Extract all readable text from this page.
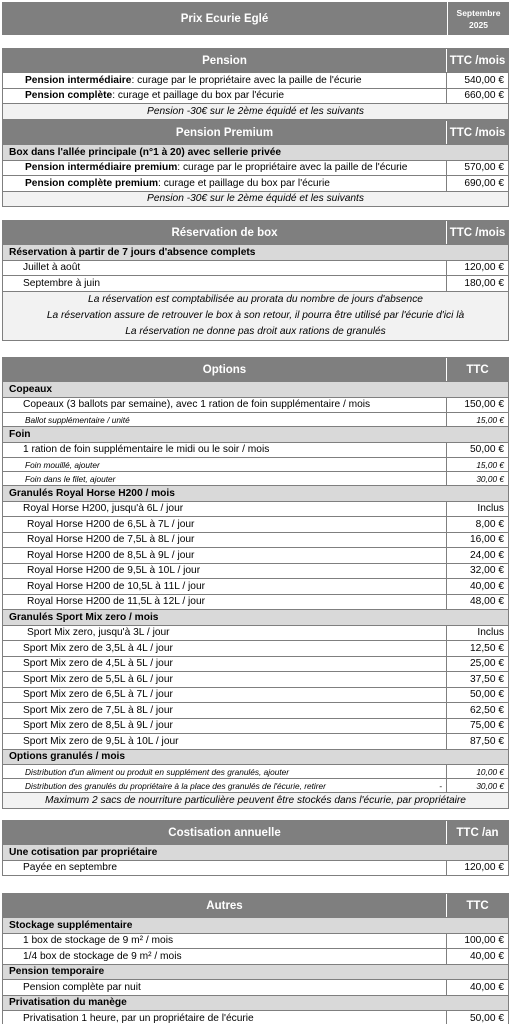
Prix Ecurie Eglé	Septembre
2025
Pension	TTC /mois
Pension intermédiaire : curage par le propriétaire avec la paille de l'écurie	540,00 €
Pension complète : curage et paillage du box par l'écurie	660,00 €
Pension -30€ sur le 2ème équidé et les suivants
Pension Premium	TTC /mois
Box dans l'allée principale (n°1 à 20) avec sellerie privée
Pension intermédiaire premium : curage par le propriétaire avec la paille de l'écurie	570,00 €
Pension complète premium : curage et paillage du box par l'écurie	690,00 €
Pension -30€ sur le 2ème équidé et les suivants
Réservation de box	TTC /mois
Réservation à partir de 7 jours d'absence complets
Juillet à août	120,00 €
Septembre à juin	180,00 €
La réservation est comptabilisée au prorata du nombre de jours d'absence
La réservation assure de retrouver le box à son retour, il pourra être utilisé par l'écurie d'ici là
La réservation ne donne pas droit aux rations de granulés
Options	TTC
Copeaux
Copeaux (3 ballots par semaine), avec 1 ration de foin supplémentaire / mois	150,00 €
Ballot supplémentaire / unité	15,00 €
Foin
1 ration de foin supplémentaire le midi ou le soir / mois	50,00 €
Foin mouillé, ajouter	15,00 €
Foin dans le filet, ajouter	30,00 €
Granulés Royal Horse H200 / mois
Royal Horse H200, jusqu'à 6L / jour	Inclus
Royal Horse H200 de 6,5L à 7L / jour	8,00 €
Royal Horse H200 de 7,5L à 8L / jour	16,00 €
Royal Horse H200 de 8,5L à 9L / jour	24,00 €
Royal Horse H200 de 9,5L à 10L / jour	32,00 €
Royal Horse H200 de 10,5L à 11L / jour	40,00 €
Royal Horse H200 de 11,5L à 12L / jour	48,00 €
Granulés Sport Mix zero / mois
Sport Mix zero, jusqu'à 3L / jour	Inclus
Sport Mix zero de 3,5L à 4L / jour	12,50 €
Sport Mix zero de 4,5L à 5L / jour	25,00 €
Sport Mix zero de 5,5L à 6L / jour	37,50 €
Sport Mix zero de 6,5L à 7L / jour	50,00 €
Sport Mix zero de 7,5L à 8L / jour	62,50 €
Sport Mix zero de 8,5L à 9L / jour	75,00 €
Sport Mix zero de 9,5L à 10L / jour	87,50 €
Options granulés / mois
Distribution d'un aliment ou produit en supplément des granulés, ajouter	10,00 €
Distribution des granulés du propriétaire à la place des granulés de l'écurie, retirer	-	30,00 €
Maximum 2 sacs de nourriture particulière peuvent être stockés dans l'écurie, par propriétaire
Costisation annuelle	TTC /an
Une cotisation par propriétaire
Payée en septembre	120,00 €
Autres	TTC
Stockage supplémentaire
1 box de stockage de 9 m² / mois	100,00 €
1/4 box de stockage de 9 m² / mois	40,00 €
Pension temporaire
Pension complète par nuit	40,00 €
Privatisation du manège
Privatisation 1 heure, par un propriétaire de l'écurie	50,00 €
